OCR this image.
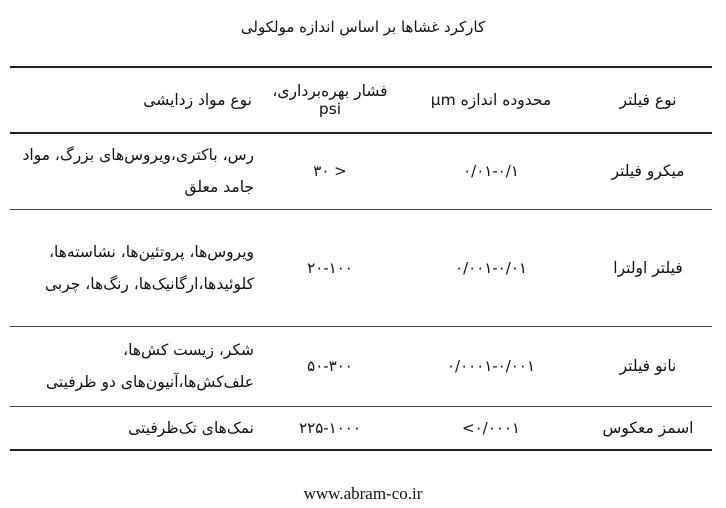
کارکرد غشاها بر اساس اندازه مولکولی
نوع فیلتر	محدوده اندازه μm	فشار بهره‌برداری، psi	نوع مواد زدایشی
میکرو فیلتر	۰/۰۱-۰/۱	< ۳۰	رس، باکتری،ویروس‌های بزرگ، مواد جامد معلق
فیلتر اولترا	۰/۰۰۱-۰/۰۱	۲۰-۱۰۰	ویروس‌ها، پروتئین‌ها، نشاسته‌ها، کلوئیدها،ارگانیک‌ها، رنگ‌ها، چربی
نانو فیلتر	۰/۰۰۰۱-۰/۰۰۱	۵۰-۳۰۰	شکر، زیست کش‌ها، علف‌کش‌ها،آنیون‌های دو ظرفیتی
اسمز معکوس	۰/۰۰۰۱>	۲۲۵-۱۰۰۰	نمک‌های تک‌ظرفیتی
www.abram-co.ir
